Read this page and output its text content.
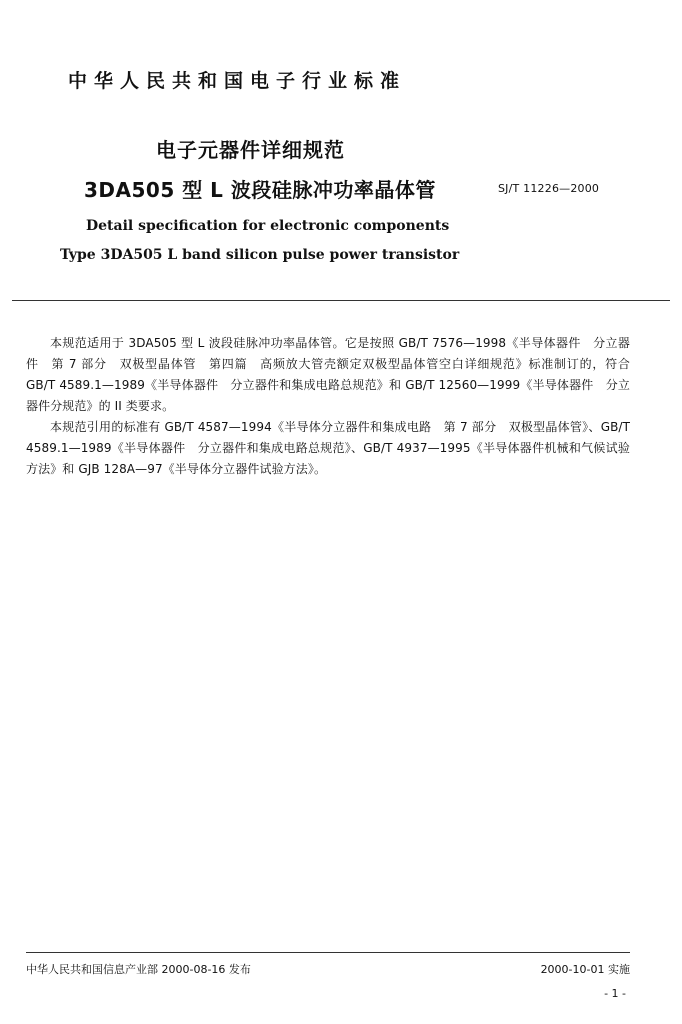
中华人民共和国电子行业标准
电子元器件详细规范
3DA505 型 L 波段硅脉冲功率晶体管	SJ/T 11226—2000
Detail specification for electronic components
Type 3DA505 L band silicon pulse power transistor

本规范适用于 3DA505 型 L 波段硅脉冲功率晶体管。它是按照 GB/T 7576—1998《半导体器件　分立器件　第 7 部分　双极型晶体管　第四篇　高频放大管壳额定双极型晶体管空白详细规范》标准制订的，符合 GB/T 4589.1—1989《半导体器件　分立器件和集成电路总规范》和 GB/T 12560—1999《半导体器件　分立器件分规范》的 II 类要求。

本规范引用的标准有 GB/T 4587—1994《半导体分立器件和集成电路　第 7 部分　双极型晶体管》、GB/T 4589.1—1989《半导体器件　分立器件和集成电路总规范》、GB/T 4937—1995《半导体器件机械和气候试验方法》和 GJB 128A—97《半导体分立器件试验方法》。

中华人民共和国信息产业部 2000-08-16 发布	2000-10-01 实施
- 1 -
